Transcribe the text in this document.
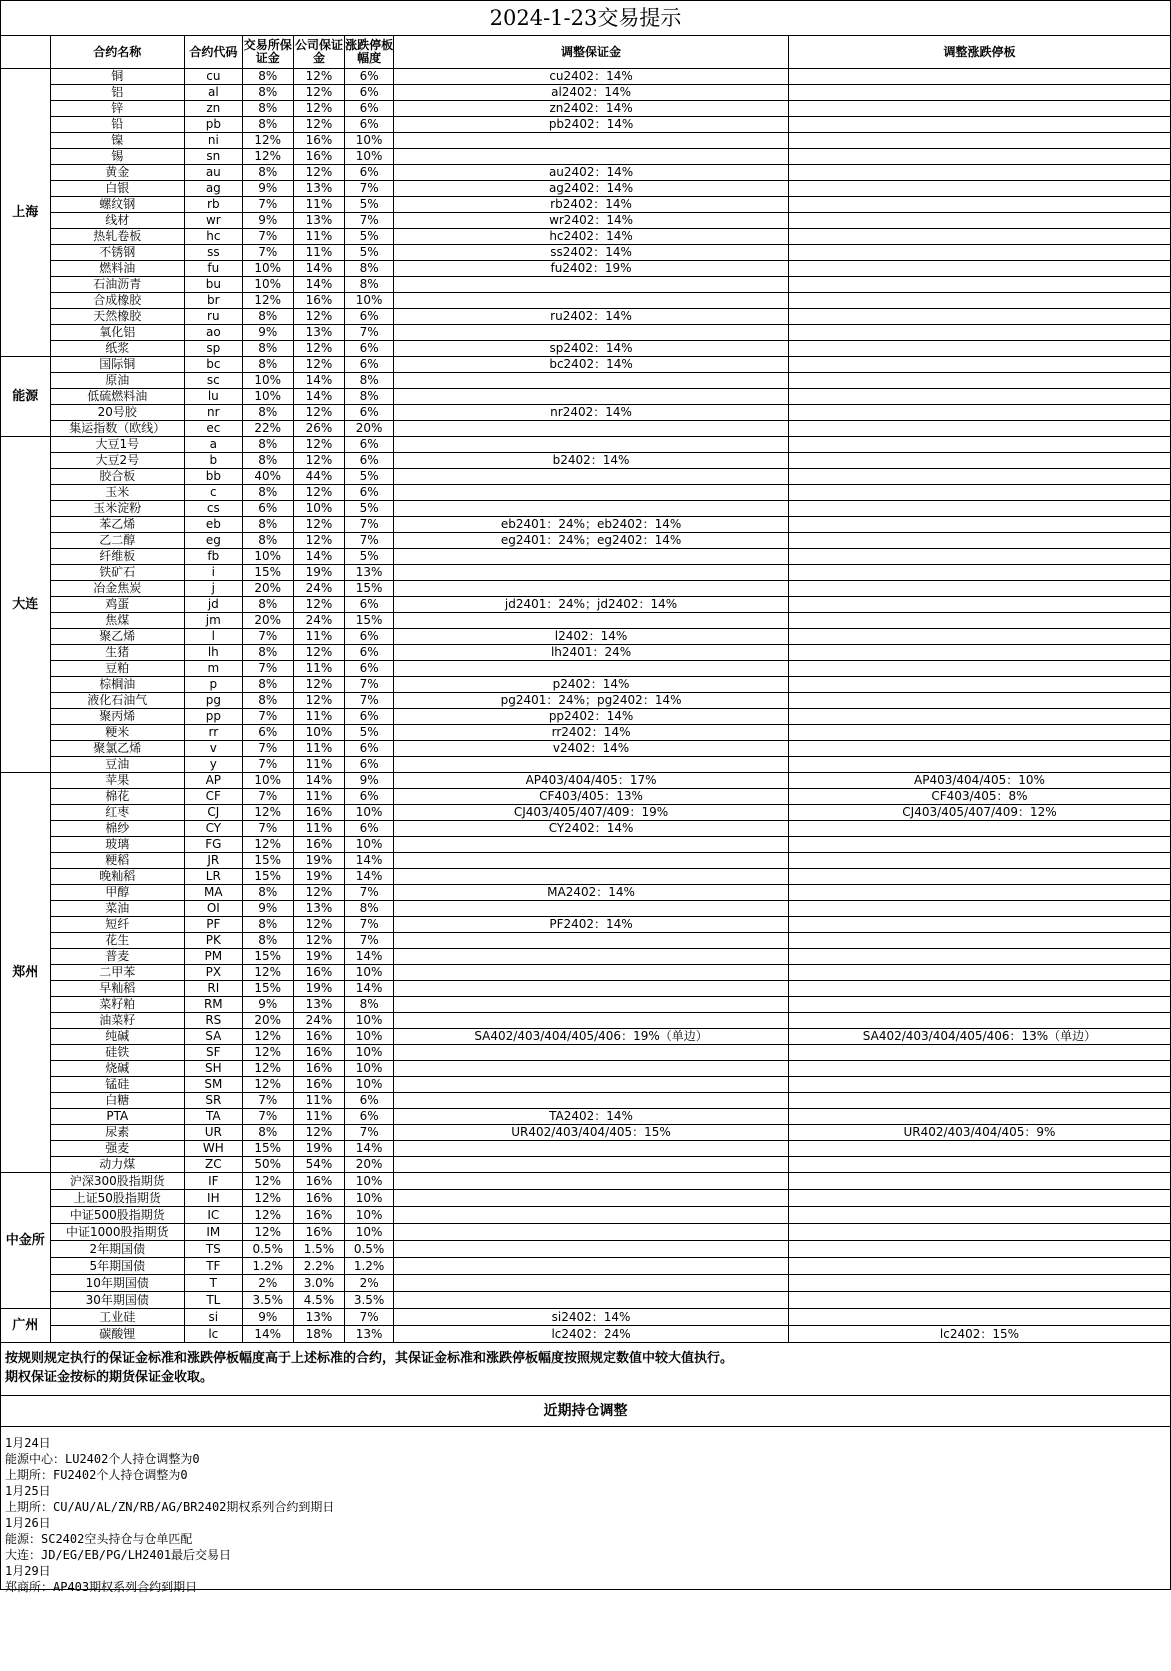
2024-1-23交易提示
	合约名称	合约代码	交易所保证金	公司保证金	涨跌停板幅度	调整保证金	调整涨跌停板
上海	铜	cu	8%	12%	6%	cu2402：14%	
	铝	al	8%	12%	6%	al2402：14%	
	锌	zn	8%	12%	6%	zn2402：14%	
	铅	pb	8%	12%	6%	pb2402：14%	
	镍	ni	12%	16%	10%		
	锡	sn	12%	16%	10%		
	黄金	au	8%	12%	6%	au2402：14%	
	白银	ag	9%	13%	7%	ag2402：14%	
	螺纹钢	rb	7%	11%	5%	rb2402：14%	
	线材	wr	9%	13%	7%	wr2402：14%	
	热轧卷板	hc	7%	11%	5%	hc2402：14%	
	不锈钢	ss	7%	11%	5%	ss2402：14%	
	燃料油	fu	10%	14%	8%	fu2402：19%	
	石油沥青	bu	10%	14%	8%		
	合成橡胶	br	12%	16%	10%		
	天然橡胶	ru	8%	12%	6%	ru2402：14%	
	氧化铝	ao	9%	13%	7%		
	纸浆	sp	8%	12%	6%	sp2402：14%	
能源	国际铜	bc	8%	12%	6%	bc2402：14%	
	原油	sc	10%	14%	8%		
	低硫燃料油	lu	10%	14%	8%		
	20号胶	nr	8%	12%	6%	nr2402：14%	
	集运指数（欧线）	ec	22%	26%	20%		
大连	大豆1号	a	8%	12%	6%		
	大豆2号	b	8%	12%	6%	b2402：14%	
	胶合板	bb	40%	44%	5%		
	玉米	c	8%	12%	6%		
	玉米淀粉	cs	6%	10%	5%		
	苯乙烯	eb	8%	12%	7%	eb2401：24%；eb2402：14%	
	乙二醇	eg	8%	12%	7%	eg2401：24%；eg2402：14%	
	纤维板	fb	10%	14%	5%		
	铁矿石	i	15%	19%	13%		
	冶金焦炭	j	20%	24%	15%		
	鸡蛋	jd	8%	12%	6%	jd2401：24%；jd2402：14%	
	焦煤	jm	20%	24%	15%		
	聚乙烯	l	7%	11%	6%	l2402：14%	
	生猪	lh	8%	12%	6%	lh2401：24%	
	豆粕	m	7%	11%	6%		
	棕榈油	p	8%	12%	7%	p2402：14%	
	液化石油气	pg	8%	12%	7%	pg2401：24%；pg2402：14%	
	聚丙烯	pp	7%	11%	6%	pp2402：14%	
	粳米	rr	6%	10%	5%	rr2402：14%	
	聚氯乙烯	v	7%	11%	6%	v2402：14%	
	豆油	y	7%	11%	6%		
郑州	苹果	AP	10%	14%	9%	AP403/404/405：17%	AP403/404/405：10%
	棉花	CF	7%	11%	6%	CF403/405：13%	CF403/405：8%
	红枣	CJ	12%	16%	10%	CJ403/405/407/409：19%	CJ403/405/407/409：12%
	棉纱	CY	7%	11%	6%	CY2402：14%	
	玻璃	FG	12%	16%	10%		
	粳稻	JR	15%	19%	14%		
	晚籼稻	LR	15%	19%	14%		
	甲醇	MA	8%	12%	7%	MA2402：14%	
	菜油	OI	9%	13%	8%		
	短纤	PF	8%	12%	7%	PF2402：14%	
	花生	PK	8%	12%	7%		
	普麦	PM	15%	19%	14%		
	二甲苯	PX	12%	16%	10%		
	早籼稻	RI	15%	19%	14%		
	菜籽粕	RM	9%	13%	8%		
	油菜籽	RS	20%	24%	10%		
	纯碱	SA	12%	16%	10%	SA402/403/404/405/406：19%（单边）	SA402/403/404/405/406：13%（单边）
	硅铁	SF	12%	16%	10%		
	烧碱	SH	12%	16%	10%		
	锰硅	SM	12%	16%	10%		
	白糖	SR	7%	11%	6%		
	PTA	TA	7%	11%	6%	TA2402：14%	
	尿素	UR	8%	12%	7%	UR402/403/404/405：15%	UR402/403/404/405：9%
	强麦	WH	15%	19%	14%		
	动力煤	ZC	50%	54%	20%		
中金所	沪深300股指期货	IF	12%	16%	10%		
	上证50股指期货	IH	12%	16%	10%		
	中证500股指期货	IC	12%	16%	10%		
	中证1000股指期货	IM	12%	16%	10%		
	2年期国债	TS	0.5%	1.5%	0.5%		
	5年期国债	TF	1.2%	2.2%	1.2%		
	10年期国债	T	2%	3.0%	2%		
	30年期国债	TL	3.5%	4.5%	3.5%		
广州	工业硅	si	9%	13%	7%	si2402：14%	
	碳酸锂	lc	14%	18%	13%	lc2402：24%	lc2402：15%
按规则规定执行的保证金标准和涨跌停板幅度高于上述标准的合约，其保证金标准和涨跌停板幅度按照规定数值中较大值执行。
期权保证金按标的期货保证金收取。
近期持仓调整
1月24日
能源中心：LU2402个人持仓调整为0
上期所：FU2402个人持仓调整为0
1月25日
上期所：CU/AU/AL/ZN/RB/AG/BR2402期权系列合约到期日
1月26日
能源：SC2402空头持仓与仓单匹配
大连：JD/EG/EB/PG/LH2401最后交易日
1月29日
郑商所：AP403期权系列合约到期日
